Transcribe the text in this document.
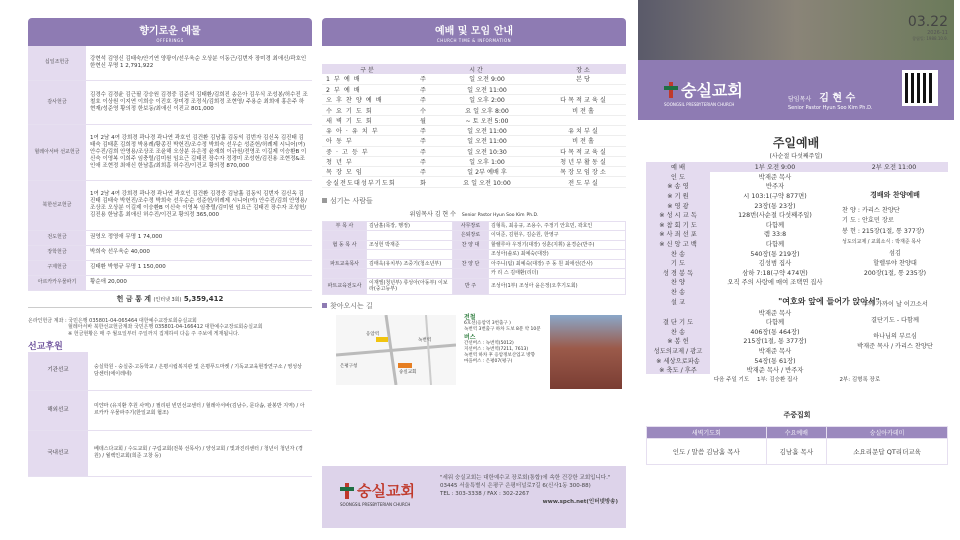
향기로운 예물
OFFERINGS
십일조헌금	강현석 김영신 김태숙/안기연 양광이/선우욱순 오상분 이동근/김번자 장미경 최애신/곽호인 한현신 무명 1 2,791,922
감사헌금	김경수 김경윤 김근필 강승원 김경중 김준석 김태환/김희진 송은아 김우식 조성봉/허수진 조철호 이상원 이지연 이희승 이진호 장미경 조정식/김희정 조현영/ 주용순 최희애 홍은주 하현재/성준영 황의정 한보동/최애신 이진교 801,000
헐레아서바 선교헌금	1여 2남 4여 강희경 곽나경 곽나연 곽호인 김건환 김남흘 김동익 김번자 김신옥 김진태 김태숙 김태훈 김희정 박용례/황종진 박헌진/조수정 박희숙 선우순 성준헌/허례제 시니어(여) 안수진/김희 안영용/조상조 조윤해 오상분 유은정 윤재희 이규원/전영조 이길제 이승환B 이신숙 이영복 이희주 임충렬/김미원 임요근 김태진 장수자 정경미 조성헌/김진용 조현정&조인애 조현정 최애신 한남흠/최희흠 허수진/이건교 황의정 870,000
북한선교헌금	1여 2남 4여 강희경 곽나경 곽나연 곽호인 김건환 김경중 김남흘 김동익 김번자 김신옥 김진태 김태숙 박헌진/조수정 박희숙 선우순순 성준헌/허례제 시니어(여) 안수진/김희 안영용/조상조 오상분 이길제 이승환B 이신숙 이영복 임충렬/김미원 임요근 김태진 장수자 조성헌/김진용 한남흠 최애신 허수진/이건교 황의정 365,000
전도헌금	권영오 정영애 무명 1 74,000
장학헌금	박희숙 선우욱순 40,000
구제헌금	김태환 박형규 무명 1 150,000
아르카카우물파기	황순애 20,000
헌 금 통 계 (인터넷 3회) 5,359,412
온라인헌금 계좌 : 국민은행 035801-04-065464 대한예수교장로회숭실교회
헐레아서바 북한선교헌금계좌 국민은행 035801-04-166412 대한예수교장로회숭실교회
※ 헌금현황은 매 주 월요일부터 주일까지 집계하여 다음 주 주보에 게재됩니다.
선교후원
기관선교	숭실학원 - 숭실중·고등학교 / 은평시립복지관 및 은평푸드마켓 / 기독교교육현장연구소 / 영성상담센터(에이레네)
해외선교	미얀마 (유지환 후원 사역) / 필리핀 빈민선교센터 / 헐레아서바(김남수, 문다솜, 판봉반 지역) / 아르카카 우물파주기(한일교회 협조)
국내선교	베데스다교회 / 수도교회 / 구림교회(전북 선목사) / 양성교회 / 빛과진리센터 / 청년이 청년자 (경원) / 월렉인교회(희준 고창 등)
예배 및 모임 안내
CHURCH TIME & INFORMATION
구 분	시 간		장 소
1 부 예 배	주	일 오전 9:00	본 당
2 부 예 배	주	일 오전 11:00	
오 후 찬 양 예 배	주	일 오후 2:00	다 목 적 교 육 실
수 요 기 도 회	수	요 일 오후 8:00	비 전 홀
새 벽 기 도 회	월	~ 토 오전 5:00	
유 아 · 유 치 부	주	일 오전 11:00	유 치 부 실
아 동 부	주	일 오전 11:00	비 전 홀
중 · 고 등 부	주	일 오전 10:30	다 목 적 교 육 실
청 년 부	주	일 오후 1:00	청 년 부 활 동 실
목 장 모 임	주	일 2부 예배 후	목 장 모 임 장 소
숭실전도대성부기도회	화	요 일 오전 10:00	전 도 부 실
섬기는 사람들
위임목사 김 현 수 Senior Pastor Hyun Soo Kim Ph.D.
부 목 사	김남흘(목장, 행정)	사무장로	김형록, 최응규, 조용수, 주정기 안효민, 곽호인
		은퇴장로	이덕준, 김현우, 김순원, 한영구
협 동 목 사	조성헌 박재준	찬 양 대	할렐루야 우정기(대장) 성훈(지휘) 윤경순(반주)
			조성아(솔로) 최예숙(대장)
파트교육목사	김태욱(유치부) 조중기(청소년부)	찬 양 단	아주니(팀) 최예숙(대장) 주 동 원 최애선(간사)
			카 리 스 김태환(리더)
파트교육전도사	이재엘(청년부) 류성아(아동부) 이보라(중고등부)	반 주	조성아(1부) 조성아 윤은정(오후기도회)
찾아오시는 길
응암역
숭실교회
녹번역
은평구청
전철
6호선(응암역 3번출구 )
녹번역 3번출구 하차 도보 8분 약 10분
버스
간선버스 : 녹번역(5012)
지선버스 : 녹번역(7211, 7613)
녹번역 하차 후 응암정보산업고 방향
마을버스 : 은평07(평구)
숭실교회
SOONGSIL PRESBYTERIAN CHURCH
"세워 숭실교회는 대한예수교 장로회(통합)에 속한 건강한 교회입니다."
03445 서울특별시 은평구 은평터널로7길 6(신사1동 300-88)
TEL : 303-3338 / FAX : 302-2267
www.spch.net(인터넷방송)
03.22
2026-11
창립일: 1988.10.9.
숭실교회
SOONGSIL PRESBYTERIAN CHURCH
담임목사 김 현 수
Senior Pastor Hyun Soo Kim Ph.D.
주일예배
(사순절 다섯째주일)
예 배	1부 오전 9:00	2부 오전 11:00
인 도	박재준 목사	
※ 송 영	반주자	
※ 기 원	시 103:1(구약 877면)	
※ 영 광	23장(통 23장)	
※ 성 시 교 독	128번(사순절 다섯째주일)	
※ 참 회 기 도	다함께	
※ 사 죄 선 포	렘 33:8	
※ 신 앙 고 백	다함께	
찬 송	540장(통 219장)	
기 도	김성범 집사	
성 경 봉 독	삼하 7:18(구약 474면)	
찬 양	오직 주의 사랑에 매여 조택연 집사	
찬 송		
설 교	"여호와 앞에 들어가 앉아서"	
	박재준 목사	
결 단 기 도	다함께	
찬 송	406장(통 464장)	
※ 봉 헌	215장(1절, 통 377장)	
성도의교제 / 광고	박재준 목사	
※ 세상으로파송	54장(통 61장)	
※ 축도 / 후주	박재준 목사 / 반주자	
경배와 찬양예배
찬 양 : 카리스 찬양단
기 도 : 안효민 장로
봉 헌 : 215장(1절, 통 377장)
성도의교제 / 교회소식 : 박재준 목사
섬김
할렐루야 찬양대
200장(1절, 통 235장)
주께 가까이 날 이끄소서
결단기도 - 다함께
하나님의 부르심
박재준 목사 / 카리스 찬양단
다음 주일 기도 1부: 김승환 집사	2부: 김형록 장로
주중집회
새벽기도회	수요예배	숭실아카데미
인도 / 말씀 김남흘 목사	김남흘 목사	소요리문답 QT리더교육
